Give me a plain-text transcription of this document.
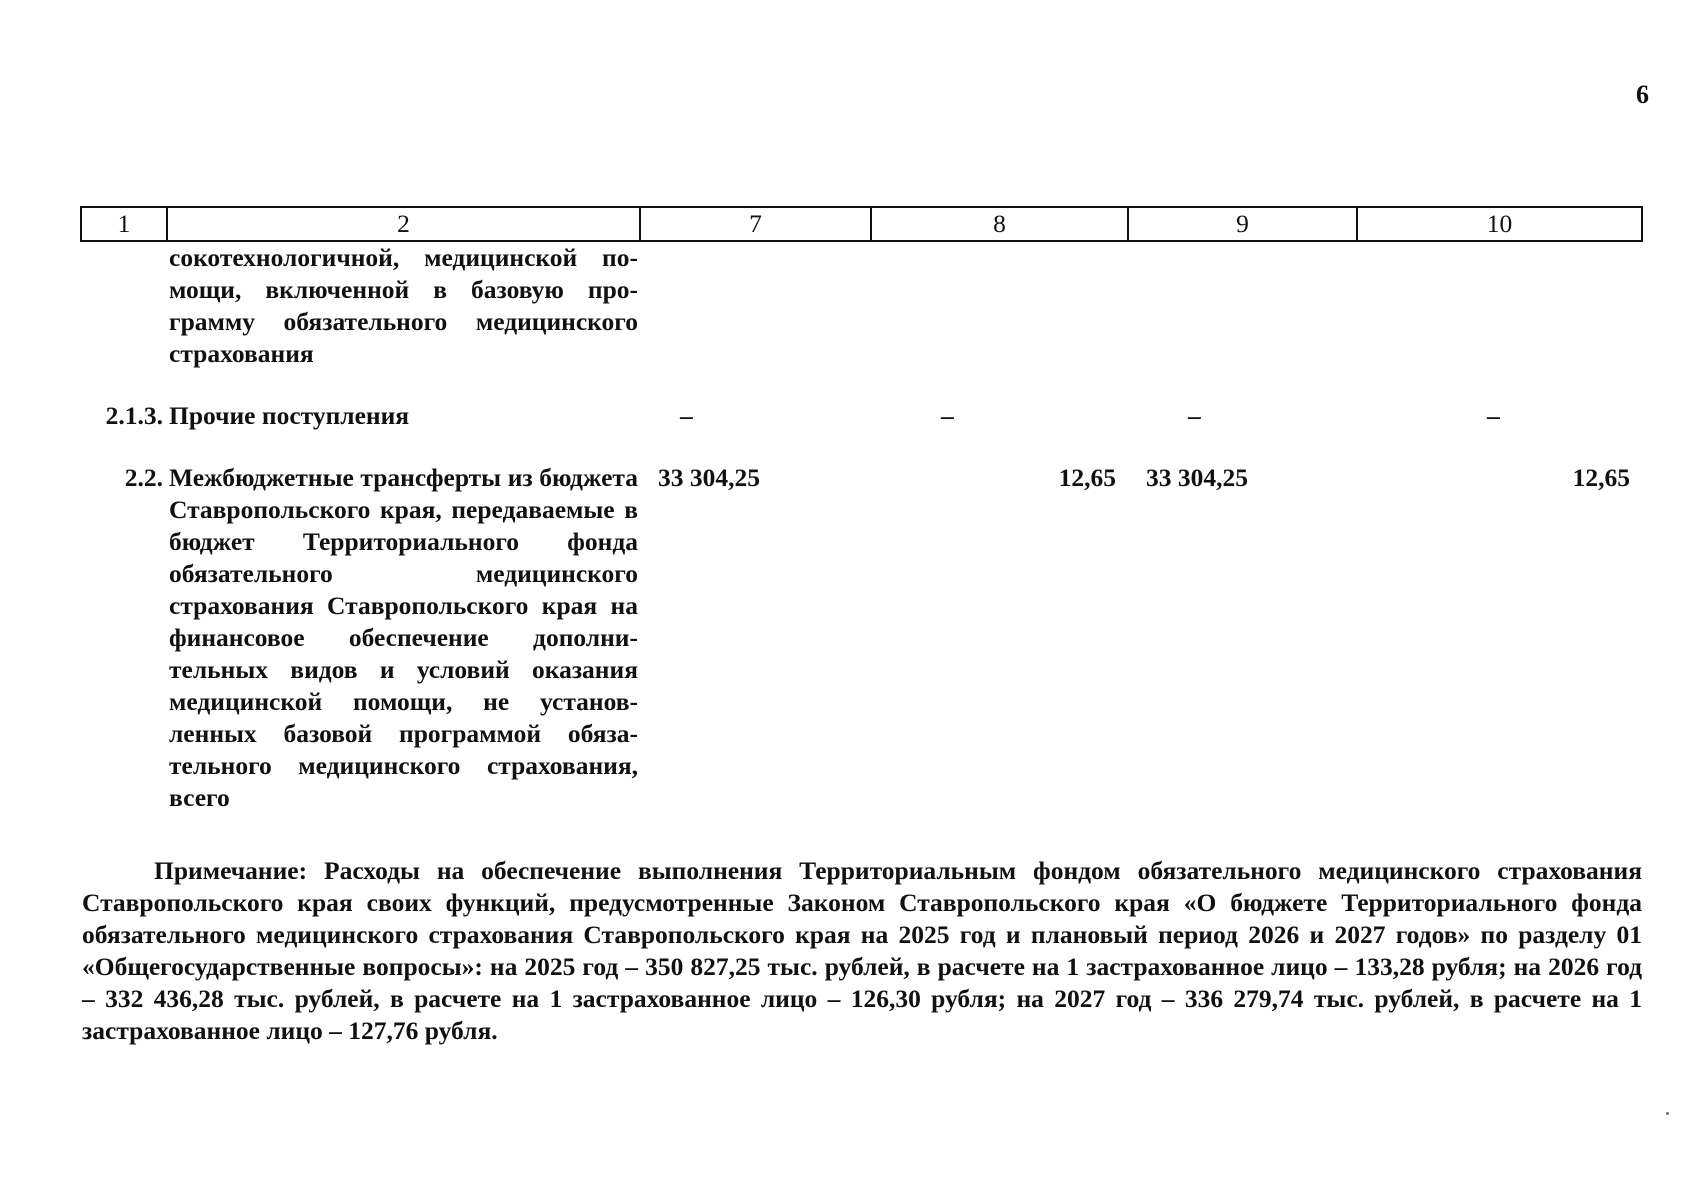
6
1	2	7	8	9	10
	сокотехнологичной, медицинской помощи, включенной в базовую программу обязательного медицинского страхования				

2.1.3.	Прочие поступления	–	–	–	–

2.2.	Межбюджетные трансферты из бюджета Ставропольского края, передаваемые в бюджет Территориального фонда обязательного медицинского страхования Ставропольского края на финансовое обеспечение дополнительных видов и условий оказания медицинской помощи, не установленных базовой программой обязательного медицинского страхования, всего	33 304,25	12,65	33 304,25	12,65
Примечание: Расходы на обеспечение выполнения Территориальным фондом обязательного медицинского страхования Ставропольского края своих функций, предусмотренные Законом Ставропольского края «О бюджете Территориального фонда обязательного медицинского страхования Ставропольского края на 2025 год и плановый период 2026 и 2027 годов» по разделу 01 «Общегосударственные вопросы»: на 2025 год – 350 827,25 тыс. рублей, в расчете на 1 застрахованное лицо – 133,28 рубля; на 2026 год – 332 436,28 тыс. рублей, в расчете на 1 застрахованное лицо – 126,30 рубля; на 2027 год – 336 279,74 тыс. рублей, в расчете на 1 застрахованное лицо – 127,76 рубля.
